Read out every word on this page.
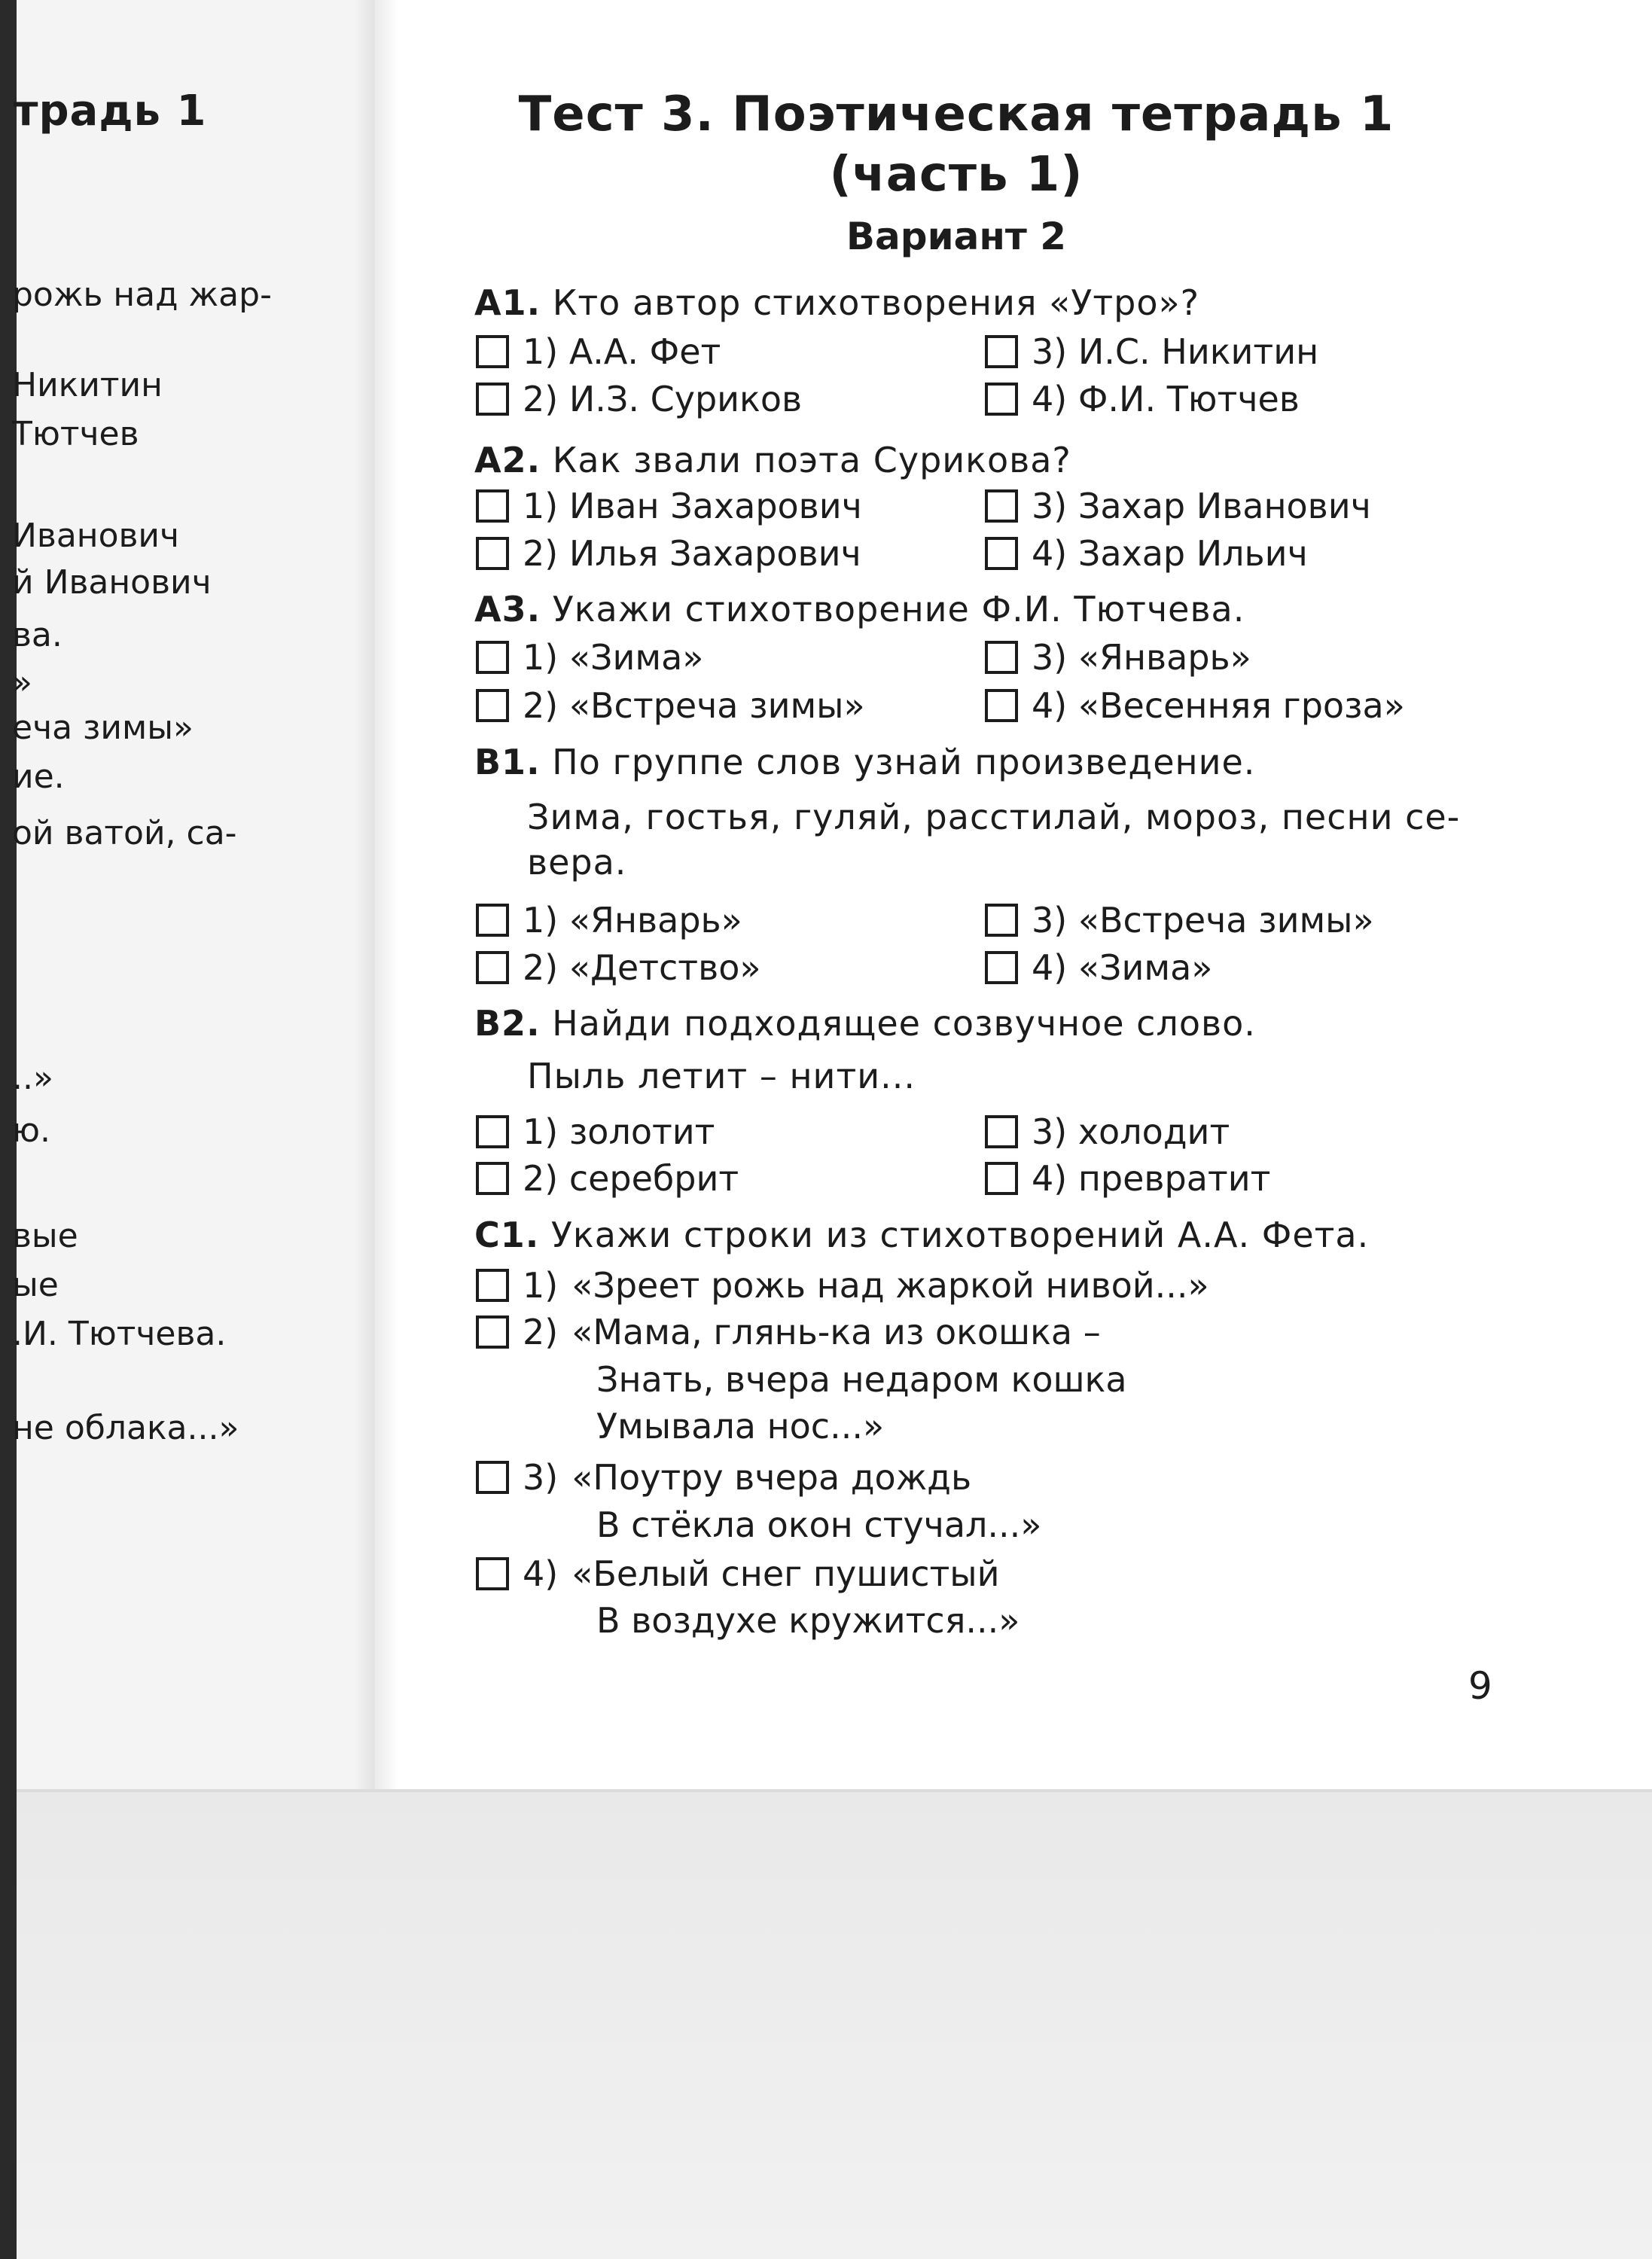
традь 1
рожь над жар-
Никитин
Тютчев
Иванович
й Иванович
ва.
»
еча зимы»
ие.
ой ватой, са-
..»
ю.
вые
ые
.И. Тютчева.
не облака...»
Тест 3. Поэтическая тетрадь 1
(часть 1)
Вариант 2
А1. Кто автор стихотворения «Утро»?
1) А.А. Фет	3) И.С. Никитин
2) И.З. Суриков	4) Ф.И. Тютчев
А2. Как звали поэта Сурикова?
1) Иван Захарович	3) Захар Иванович
2) Илья Захарович	4) Захар Ильич
А3. Укажи стихотворение Ф.И. Тютчева.
1) «Зима»	3) «Январь»
2) «Встреча зимы»	4) «Весенняя гроза»
В1. По группе слов узнай произведение.
Зима, гостья, гуляй, расстилай, мороз, песни се-
вера.
1) «Январь»	3) «Встреча зимы»
2) «Детство»	4) «Зима»
В2. Найди подходящее созвучное слово.
Пыль летит – нити...
1) золотит	3) холодит
2) серебрит	4) превратит
С1. Укажи строки из стихотворений А.А. Фета.
1) «Зреет рожь над жаркой нивой...»
2) «Мама, глянь-ка из окошка –
Знать, вчера недаром кошка
Умывала нос...»
3) «Поутру вчера дождь
В стёкла окон стучал...»
4) «Белый снег пушистый
В воздухе кружится...»
9
